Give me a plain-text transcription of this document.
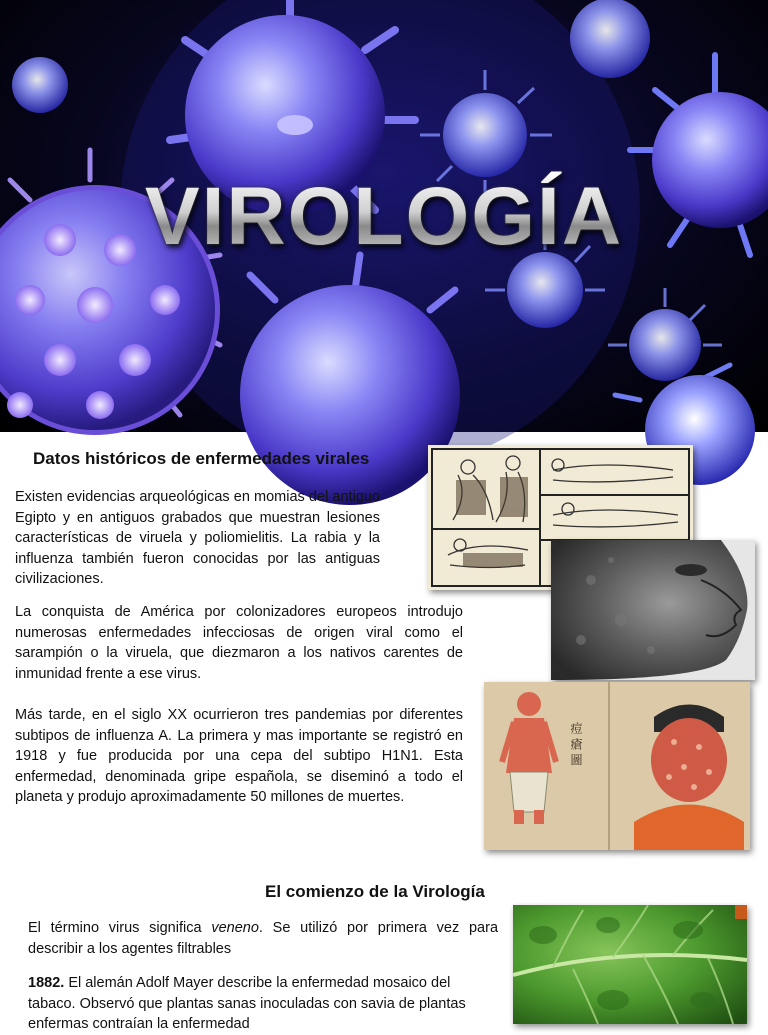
VIROLOGÍA
Datos históricos de enfermedades virales
Existen evidencias arqueológicas en momias del antiguo Egipto y en antiguos grabados que muestran lesiones características de viruela y poliomielitis. La rabia y la influenza también fueron conocidas por las antiguas civilizaciones.
La conquista de América por colonizadores europeos introdujo numerosas enfermedades infecciosas de origen viral como el sarampión o la viruela, que diezmaron a los nativos carentes de inmunidad frente a ese virus.
Más tarde, en el siglo XX ocurrieron tres pandemias por diferentes subtipos de influenza A. La primera y mas importante se registró en 1918 y fue producida por una cepa del subtipo H1N1. Esta enfermedad, denominada gripe española, se diseminó a todo el planeta y produjo aproximadamente 50 millones de muertes.
痘 瘡 圖
El comienzo de la Virología
El término virus significa veneno. Se utilizó por primera vez para describir a los agentes filtrables
1882. El alemán Adolf Mayer describe la enfermedad mosaico del tabaco. Observó que plantas sanas inoculadas con savia de plantas enfermas contraían la enfermedad
